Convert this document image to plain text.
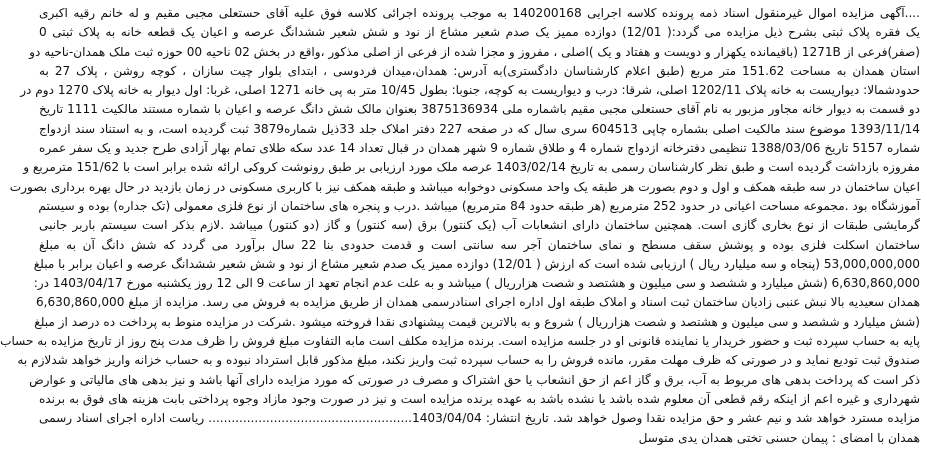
....آگهی مزایده اموال غیرمنقول اسناد ذمه پرونده کلاسه اجرایی 140200168 به موجب پرونده اجرائی کلاسه فوق علیه آقای حستعلی مجبی مقیم و له خانم رقیه اکبری
یک فقره پلاک ثبتی بشرح ذیل مزایده می گردد:( 12/01) دوازده ممیز یک صدم شعیر مشاع از نود و شش شعیر ششدانگ عرصه و اعیان یک قطعه خانه به پلاک ثبتی 0
(صفر)فرعی از 1271B (باقیمانده یکهزار و دویست و هفتاد و یک )اصلی ، مفروز و مجزا شده از فرعی از اصلی مذکور ،واقع در بخش 02 ناحیه 00 حوزه ثبت ملک همدان-ناحیه دو
استان همدان به مساحت 151.62 متر مربع (طبق اعلام کارشناسان دادگستری)به آدرس: همدان،میدان فردوسی ، ابتدای بلوار چیت سازان ، کوچه روشن ، پلاک 27 به
حدودشمالا: دیواریست به خانه پلاک 1202/11 اصلی، شرقا: درب و دیواریست به کوچه، جنوبا: بطول 10/45 متر به پی خانه 1271 اصلی، غربا: اول دیوار به خانه پلاک 1270 دوم در
دو قسمت به دیوار خانه مجاور مزبور به نام آقای حستعلی مجبی مقیم باشماره ملی 3875136934 بعنوان مالک شش دانگ عرصه و اعیان با شماره مستند مالکیت 1111 تاریخ
1393/11/14 موضوع سند مالکیت اصلی بشماره چاپی 604513 سری سال که در صفحه 227 دفتر املاک جلد 33ذیل شماره3879 ثبت گردیده است، و به استناد سند ازدواج
شماره 5157 تاریخ 1388/03/06 تنظیمی دفترخانه ازدواج شماره 4 و طلاق شماره 9 شهر همدان در قبال تعداد 14 عدد سکه طلای تمام بهار آزادی طرح جدید و یک سفر عمره
مفروزه بازداشت گردیده است و طبق نظر کارشناسان رسمی به تاریخ 1403/02/14 عرصه ملک مورد ارزیابی بر طبق رونوشت کروکی ارائه شده برابر است با 151/62 مترمربع و
اعیان ساختمان در سه طبقه همکف و اول و دوم بصورت هر طبقه یک واحد مسکونی دوخوابه میباشد و طبقه همکف نیز با کاربری مسکونی در زمان بازدید در حال بهره برداری بصورت
آموزشگاه بود .مجموعه مساحت اعیانی در حدود 252 مترمربع (هر طبقه حدود 84 مترمربع) میباشد .درب و پنجره های ساختمان از نوع فلزی معمولی (تک جداره) بوده و سیستم
گرمایشی طبقات از نوع بخاری گازی است. همچنین ساختمان دارای انشعابات آب (یک کنتور) برق (سه کنتور) و گاز (دو کنتور) میباشد .لازم بذکر است سیستم باربر جانبی
ساختمان اسکلت فلزی بوده و پوشش سقف مسطح و نمای ساختمان آجر سه سانتی است و قدمت حدودی بنا 22 سال برآورد می گردد که شش دانگ آن به مبلغ
53,000,000,000 (پنجاه و سه میلیارد ریال ) ارزیابی شده است که ارزش ( 12/01) دوازده ممیز یک صدم شعیر مشاع از نود و شش شعیر ششدانگ عرصه و اعیان برابر با مبلغ
6,630,860,000 (شش میلیارد و ششصد و سی میلیون و هشتصد و شصت هزارریال ) میباشد و به علت عدم انجام تعهد از ساعت 9 الی 12 روز یکشنبه مورخ 1403/04/17 در:
همدان سعیدیه بالا نبش عنبی زادیان ساختمان ثبت اسناد و املاک طبقه اول اداره اجرای اسنادرسمی همدان از طریق مزایده به فروش می رسد. مزایده از مبلغ 6,630,860,000
(شش میلیارد و ششصد و سی میلیون و هشتصد و شصت هزارریال ) شروع و به بالاترین قیمت پیشنهادی نقدا فروخته میشود .شرکت در مزایده منوط به پرداخت ده درصد از مبلغ
پایه به حساب سپرده ثبت و حضور خریدار یا نماینده قانونی او در جلسه مزایده است. برنده مزایده مکلف است مابه التفاوت مبلغ فروش را ظرف مدت پنج روز از تاریخ مزایده به حساب
صندوق ثبت تودیع نماید و در صورتی که ظرف مهلت مقرر، مانده فروش را به حساب سپرده ثبت واریز نکند، مبلغ مذکور قابل استرداد نبوده و به حساب خزانه واریز خواهد شدلازم به
ذکر است که پرداخت بدهی های مربوط به آب، برق و گاز اعم از حق انشعاب یا حق اشتراک و مصرف در صورتی که مورد مزایده دارای آنها باشد و نیز بدهی های مالیاتی و عوارض
شهرداری و غیره اعم از اینکه رقم قطعی آن معلوم شده باشد یا نشده باشد به عهده برنده مزایده است و نیز در صورت وجود مازاد وجوه پرداختی بابت هزینه های فوق به برنده
مزایده مسترد خواهد شد و نیم عشر و حق مزایده نقدا وصول خواهد شد. تاریخ انتشار: 1403/04/04..................................................... ریاست اداره اجرای اسناد رسمی
همدان با امضای : پیمان حسنی تختی همدان یدی متوسل
